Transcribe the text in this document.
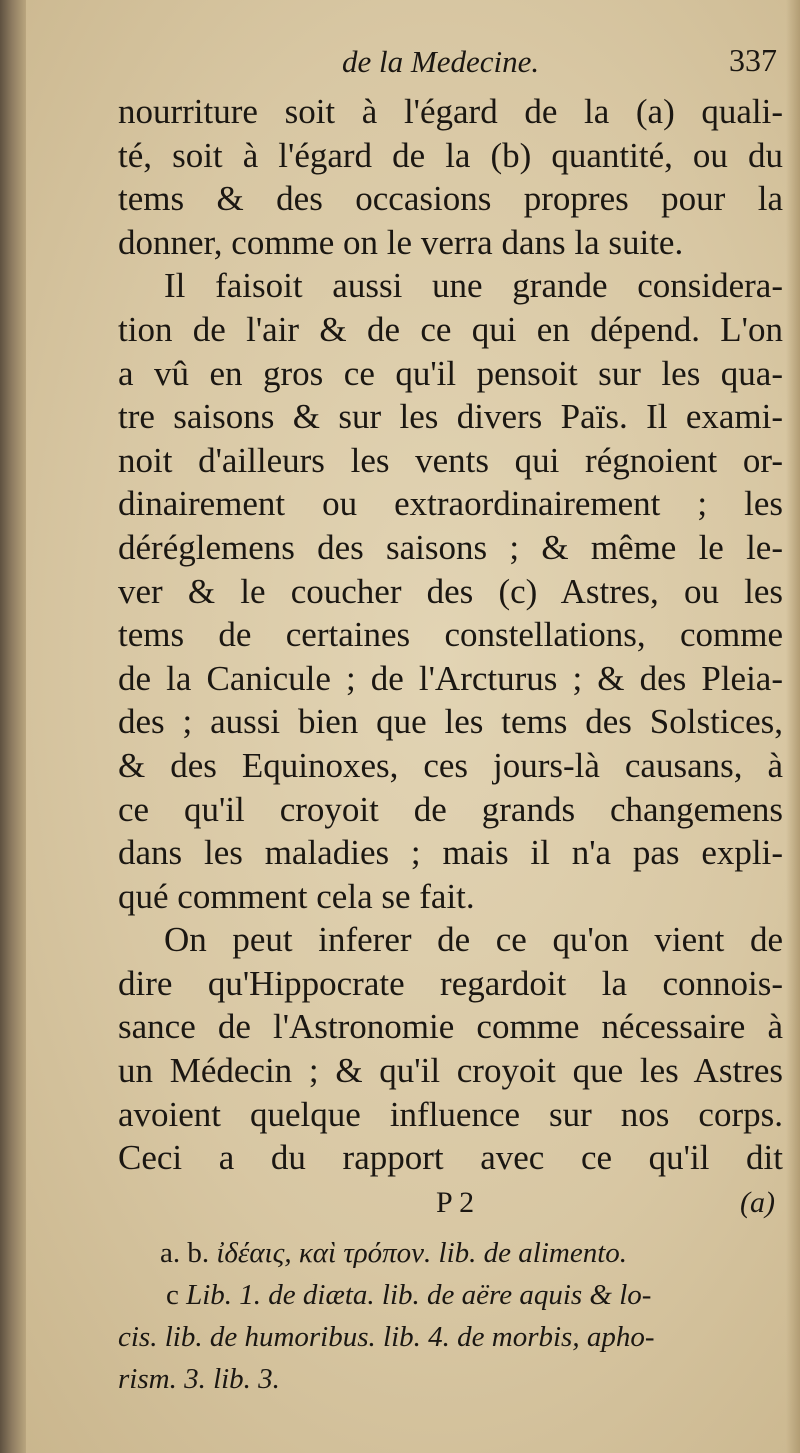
de la Medecine.	337
nourriture soit à l'égard de la (a) quali-
té, soit à l'égard de la (b) quantité, ou du
tems & des occasions propres pour la
donner, comme on le verra dans la suite.
Il faisoit aussi une grande considera-
tion de l'air & de ce qui en dépend. L'on
a vû en gros ce qu'il pensoit sur les qua-
tre saisons & sur les divers Païs. Il exami-
noit d'ailleurs les vents qui régnoient or-
dinairement ou extraordinairement ; les
déréglemens des saisons ; & même le le-
ver & le coucher des (c) Astres, ou les
tems de certaines constellations, comme
de la Canicule ; de l'Arcturus ; & des Pleia-
des ; aussi bien que les tems des Solstices,
& des Equinoxes, ces jours-là causans, à
ce qu'il croyoit de grands changemens
dans les maladies ; mais il n'a pas expli-
qué comment cela se fait.
On peut inferer de ce qu'on vient de
dire qu'Hippocrate regardoit la connois-
sance de l'Astronomie comme nécessaire à
un Médecin ; & qu'il croyoit que les Astres
avoient quelque influence sur nos corps.
Ceci a du rapport avec ce qu'il dit
P 2	(a)
a. b. ἰδέαις, καὶ τρόπον. lib. de alimento.
c Lib. 1. de diæta. lib. de aëre aquis & lo-
cis. lib. de humoribus. lib. 4. de morbis, apho-
rism. 3. lib. 3.
